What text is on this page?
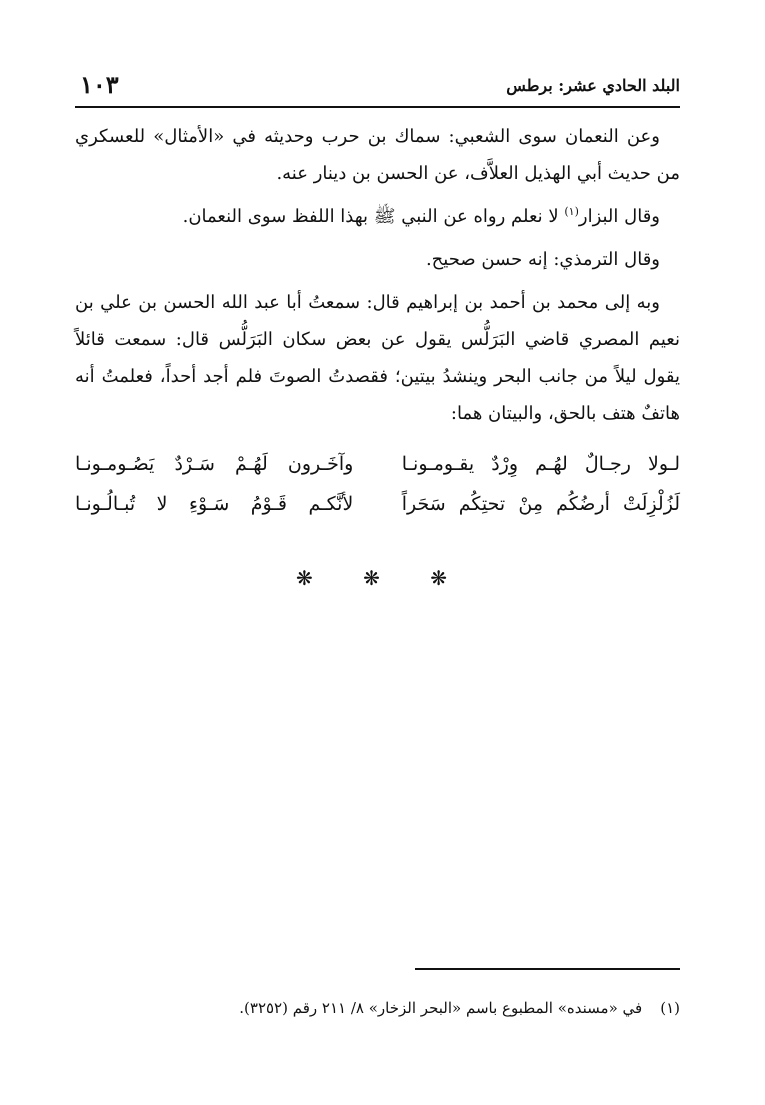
البلد الحادي عشر: برطس
١٠٣

وعن النعمان سوى الشعبي: سماك بن حرب وحديثه في «الأمثال» للعسكري من حديث أبي الهذيل العلاَّف، عن الحسن بن دينار عنه.

وقال البزار$^{(١)}$ لا نعلم رواه عن النبي ﷺ بهذا اللفظ سوى النعمان.

وقال الترمذي: إنه حسن صحيح.

وبه إلى محمد بن أحمد بن إبراهيم قال: سمعتُ أبا عبد الله الحسن بن علي بن نعيم المصري قاضي البَرَلُّس يقول عن بعض سكان البَرَلُّس قال: سمعت قائلاً يقول ليلاً من جانب البحر وينشدُ بيتين؛ فقصدتُ الصوتَ فلم أجد أحداً، فعلمتُ أنه هاتفٌ هتف بالحق، والبيتان هما:

لـولا رجـالٌ لهُـم وِرْدٌ يقـومـونـا
وآخَـرون لَهُـمْ سَـرْدٌ يَصُـومـونـا
لَزُلْزِلَتْ أرضُكُم مِنْ تحتِكُم سَحَراً
لأنَّكـم قَـوْمُ سَـوْءِ لا تُبـالُـونـا
❋ ❋ ❋
(١)في «مسنده» المطبوع باسم «البحر الزخار» ٨/ ٢١١ رقم (٣٢٥٢).
